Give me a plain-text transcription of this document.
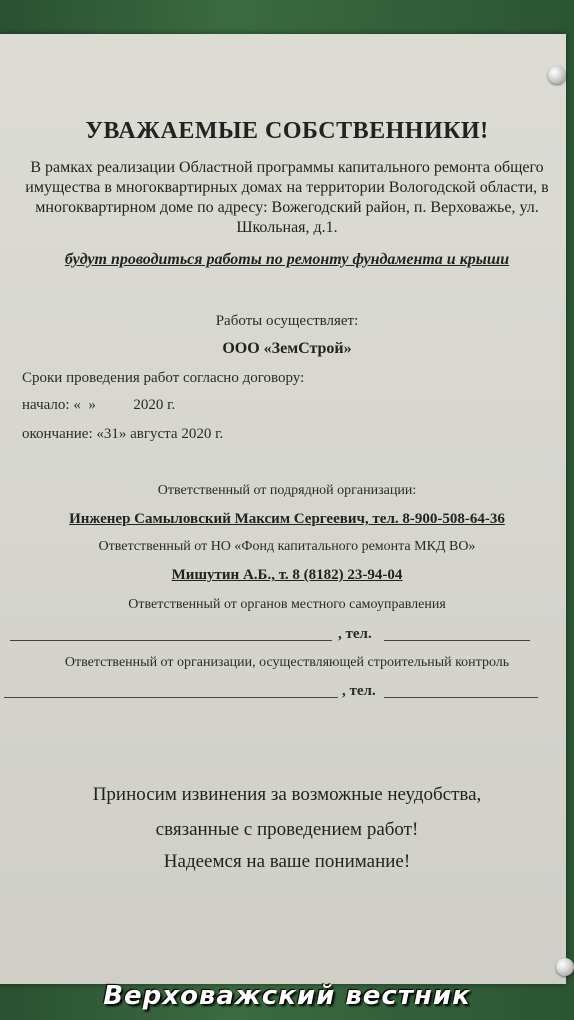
УВАЖАЕМЫЕ СОБСТВЕННИКИ!
В рамках реализации Областной программы капитального ремонта общего
имущества в многоквартирных домах на территории Вологодской области, в
многоквартирном доме по адресу: Вожегодский район, п. Верховажье, ул.
Школьная, д.1.
будут проводиться работы по ремонту фундамента и крыши
Работы осуществляет:
ООО «ЗемСтрой»
Сроки проведения работ согласно договору:
начало: «  »          2020 г.
окончание: «31» августа 2020 г.
Ответственный от подрядной организации:
Инженер Самыловский Максим Сергеевич, тел. 8-900-508-64-36
Ответственный от НО «Фонд капитального ремонта МКД ВО»
Мишутин А.Б., т. 8 (8182) 23-94-04
Ответственный от органов местного самоуправления
, тел.
Ответственный от организации, осуществляющей строительный контроль
, тел.
Приносим извинения за возможные неудобства,
связанные с проведением работ!
Надеемся на ваше понимание!
Верховажский вестник
